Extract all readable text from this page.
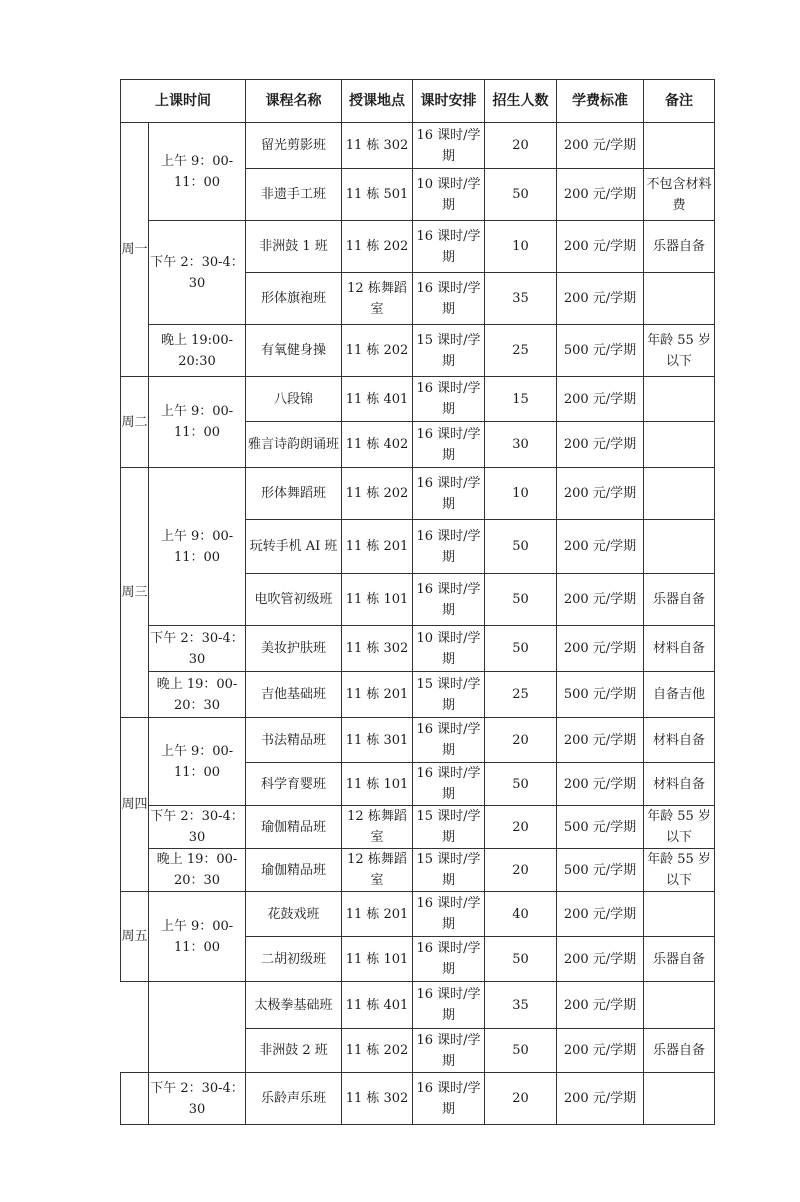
上课时间		课程名称	授课地点	课时安排	招生人数	学费标准	备注
周一	上午 9：00-11：00	留光剪影班	11 栋 302	16 课时/学期	20	200 元/学期	
		非遗手工班	11 栋 501	10 课时/学期	50	200 元/学期	不包含材料费
	下午 2：30-4：30	非洲鼓 1 班	11 栋 202	16 课时/学期	10	200 元/学期	乐器自备
		形体旗袍班	12 栋舞蹈室	16 课时/学期	35	200 元/学期	
	晚上 19:00-20:30	有氧健身操	11 栋 202	15 课时/学期	25	500 元/学期	年龄 55 岁以下
周二	上午 9：00-11：00	八段锦	11 栋 401	16 课时/学期	15	200 元/学期	
		雅言诗韵朗诵班	11 栋 402	16 课时/学期	30	200 元/学期	
周三	上午 9：00-11：00	形体舞蹈班	11 栋 202	16 课时/学期	10	200 元/学期	
		玩转手机 AI 班	11 栋 201	16 课时/学期	50	200 元/学期	
		电吹管初级班	11 栋 101	16 课时/学期	50	200 元/学期	乐器自备
	下午 2：30-4：30	美妆护肤班	11 栋 302	10 课时/学期	50	200 元/学期	材料自备
	晚上 19：00-20：30	吉他基础班	11 栋 201	15 课时/学期	25	500 元/学期	自备吉他
周四	上午 9：00-11：00	书法精品班	11 栋 301	16 课时/学期	20	200 元/学期	材料自备
		科学育婴班	11 栋 101	16 课时/学期	50	200 元/学期	材料自备
	下午 2：30-4：30	瑜伽精品班	12 栋舞蹈室	15 课时/学期	20	500 元/学期	年龄 55 岁以下
	晚上 19：00-20：30	瑜伽精品班	12 栋舞蹈室	15 课时/学期	20	500 元/学期	年龄 55 岁以下
周五	上午 9：00-11：00	花鼓戏班	11 栋 201	16 课时/学期	40	200 元/学期	
		二胡初级班	11 栋 101	16 课时/学期	50	200 元/学期	乐器自备
		太极拳基础班	11 栋 401	16 课时/学期	35	200 元/学期	
		非洲鼓 2 班	11 栋 202	16 课时/学期	50	200 元/学期	乐器自备
	下午 2：30-4：30	乐龄声乐班	11 栋 302	16 课时/学期	20	200 元/学期	
